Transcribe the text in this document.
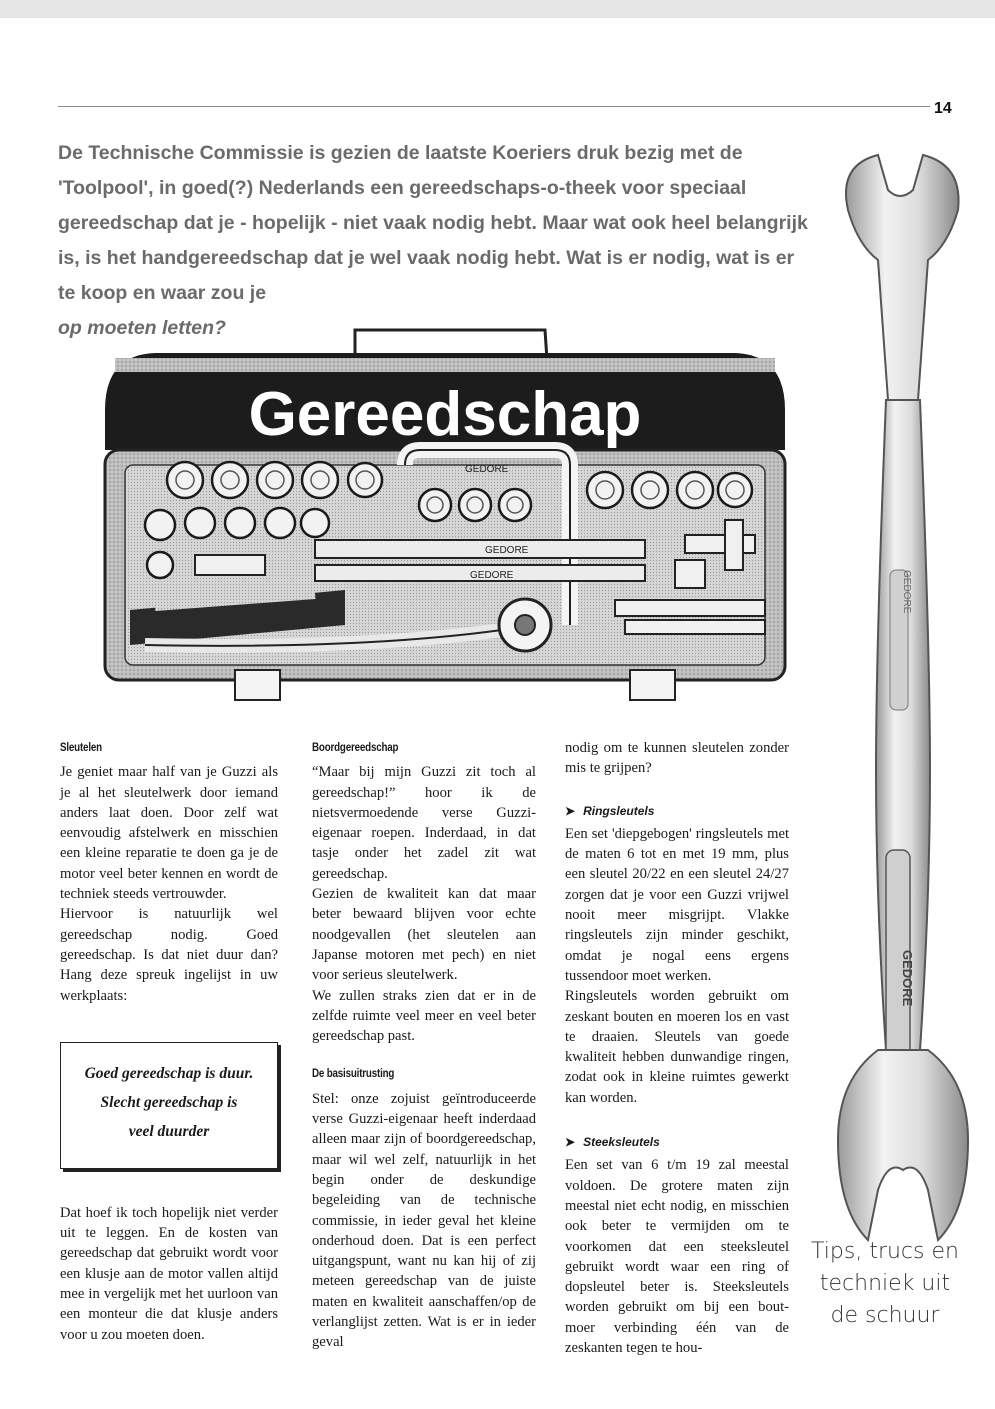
14

De Technische Commissie is gezien de laatste Koeriers druk bezig met de 'Toolpool', in goed(?) Nederlands een gereedschaps-o-theek voor speciaal gereedschap dat je - hopelijk - niet vaak nodig hebt. Maar wat ook heel belangrijk is, is het handgereedschap dat je wel vaak nodig hebt. Wat is er nodig, wat is er te koop en waar zou je
op moeten letten?

Gereedschap
GEDORE
GEDORE
GEDORE
Sleutelen

Je geniet maar half van je Guzzi als je al het sleutelwerk door iemand anders laat doen. Door zelf wat eenvoudig afstelwerk en misschien een kleine reparatie te doen ga je de motor veel beter kennen en wordt de techniek steeds vertrouwder.

Hiervoor is natuurlijk wel gereedschap nodig. Goed gereedschap. Is dat niet duur dan? Hang deze spreuk ingelijst in uw werkplaats:

Goed gereedschap is duur.
Slecht gereedschap is
veel duurder

Dat hoef ik toch hopelijk niet verder uit te leggen. En de kosten van gereedschap dat gebruikt wordt voor een klusje aan de motor vallen altijd mee in vergelijk met het uurloon van een monteur die dat klusje anders voor u zou moeten doen.

Boordgereedschap

“Maar bij mijn Guzzi zit toch al gereedschap!” hoor ik de nietsvermoedende verse Guzzi-eigenaar roepen. Inderdaad, in dat tasje onder het zadel zit wat gereedschap.

Gezien de kwaliteit kan dat maar beter bewaard blijven voor echte noodgevallen (het sleutelen aan Japanse motoren met pech) en niet voor serieus sleutelwerk.

We zullen straks zien dat er in de zelfde ruimte veel meer en veel beter gereedschap past.

De basisuitrusting

Stel: onze zojuist geïntroduceerde verse Guzzi-eigenaar heeft inderdaad alleen maar zijn of boordgereedschap, maar wil wel zelf, natuurlijk in het begin onder de deskundige begeleiding van de technische commissie, in ieder geval het kleine onderhoud doen. Dat is een perfect uitgangspunt, want nu kan hij of zij meteen gereedschap van de juiste maten en kwaliteit aanschaffen/op de verlanglijst zetten. Wat is er in ieder geval

nodig om te kunnen sleutelen zonder mis te grijpen?

➤ Ringsleutels

Een set 'diepgebogen' ringsleutels met de maten 6 tot en met 19 mm, plus een sleutel 20/22 en een sleutel 24/27 zorgen dat je voor een Guzzi vrijwel nooit meer misgrijpt. Vlakke ringsleutels zijn minder geschikt, omdat je nogal eens ergens tussendoor moet werken.

Ringsleutels worden gebruikt om zeskant bouten en moeren los en vast te draaien. Sleutels van goede kwaliteit hebben dunwandige ringen, zodat ook in kleine ruimtes gewerkt kan worden.

➤ Steeksleutels

Een set van 6 t/m 19 zal meestal voldoen. De grotere maten zijn meestal niet echt nodig, en misschien ook beter te vermijden om te voorkomen dat een steeksleutel gebruikt wordt waar een ring of dopsleutel beter is. Steeksleutels worden gebruikt om bij een bout-moer verbinding één van de zeskanten tegen te hou-

GEDORE
GEDORE
Tips, trucs en
techniek uit
de schuur
